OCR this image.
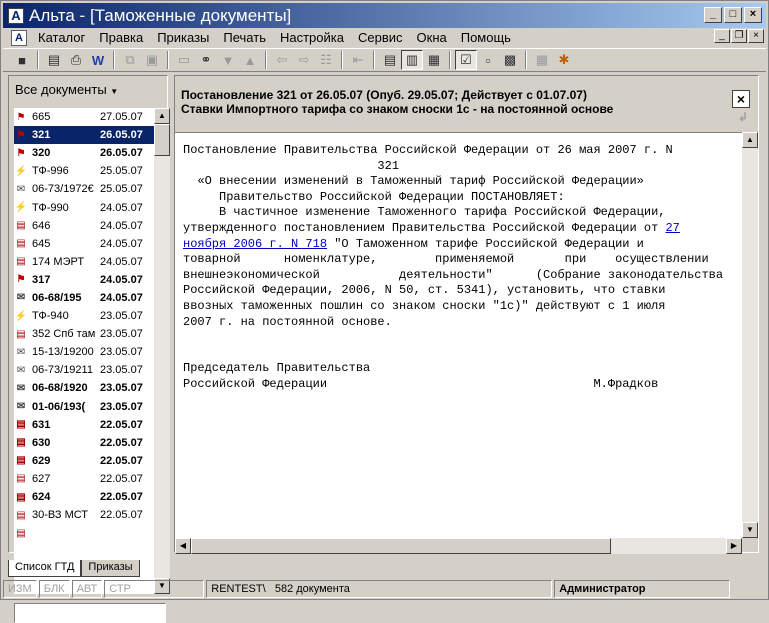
А Альта - [Таможенные документы]	_	□	×
А	Каталог	Правка	Приказы	Печать	Настройка	Сервис	Окна	Помощь	_ ❐ ×
■	▤ ⎙ W	⧉ ▣	▭ ⚭ ▼ ▲	⇦ ⇨ ☷	⇤	▤ ▥ ▦	☑	▫	▩	▦ ✱
Все документы ▼
⚑ 665	27.05.07
⚑ 321	26.05.07
⚑ 320	26.05.07
⚡ ТФ-996	25.05.07
✉ 06-73/1972€ 25.05.07
⚡ ТФ-990	24.05.07
▤ 646	24.05.07
▤ 645	24.05.07
▤ 174 МЭРТ	24.05.07
⚑ 317	24.05.07
✉ 06-68/195	24.05.07
⚡ ТФ-940	23.05.07
▤ 352 Спб там 23.05.07
✉ 15-13/19200 23.05.07
✉ 06-73/19211 23.05.07
✉ 06-68/1920	23.05.07
✉ 01-06/193(	23.05.07
▤ 631	22.05.07
▤ 630	22.05.07
▤ 629	22.05.07
▤ 627	22.05.07
▤ 624	22.05.07
▤ 30-ВЗ МСТ	22.05.07
▤
▲
▼
Постановление 321 от 26.05.07 (Опуб. 29.05.07; Действует с 01.07.07)
Ставки Импортного тарифа со знаком сноски 1с - на постоянной основе
×
↲
Постановление Правительства Российской Федерации от 26 мая 2007 г. N
321
«О внесении изменений в Таможенный тариф Российской Федерации»
Правительство Российской Федерации ПОСТАНОВЛЯЕТ:
В частичное изменение Таможенного тарифа Российской Федерации,
утвержденного постановлением Правительства Российской Федерации от 27
ноября 2006 г. N 718 "О Таможенном тарифе Российской Федерации и
товарной      номенклатуре,        применяемой       при    осуществлении
внешнеэкономической           деятельности"      (Собрание законодательства
Российской Федерации, 2006, N 50, ст. 5341), установить, что ставки
ввозных таможенных пошлин со знаком сноски "1с)" действуют с 1 июля
2007 г. на постоянной основе.

Председатель Правительства
Российской Федерации                                     М.Фрадков
▲
▼
◀	▶
Список ГТД	Приказы
ИЗМ	БЛК	АВТ	СТР	RENTEST\ 582 документа	Администратор
